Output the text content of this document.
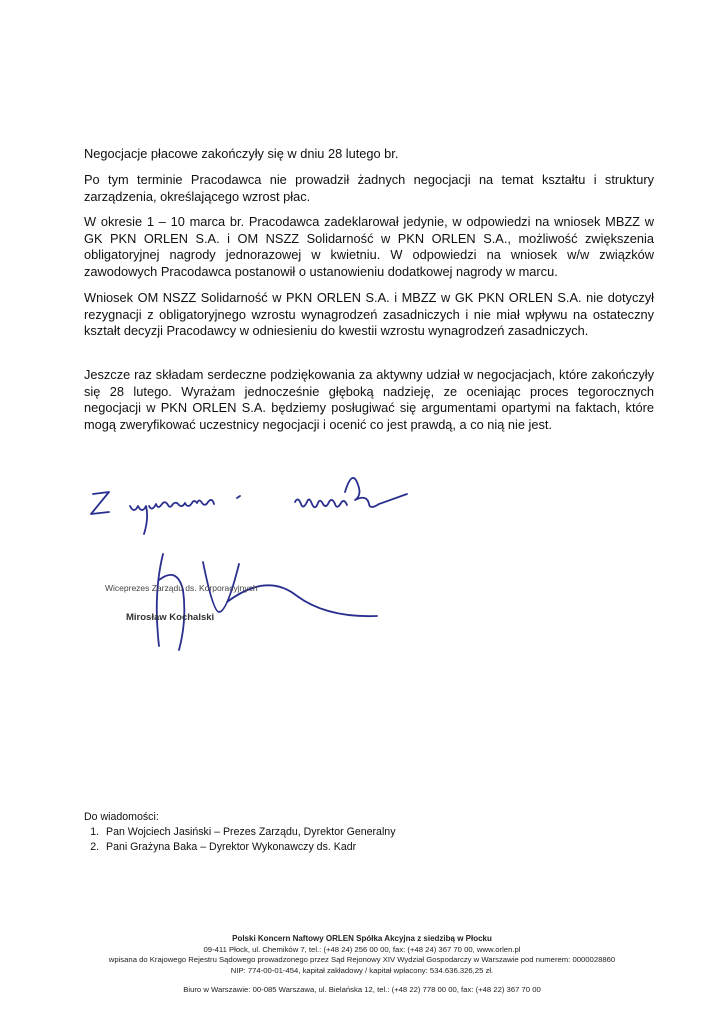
Negocjacje płacowe zakończyły się w dniu 28 lutego br.

Po tym terminie Pracodawca nie prowadził żadnych negocjacji na temat kształtu i struktury zarządzenia, określającego wzrost płac.

W okresie 1 – 10 marca br. Pracodawca zadeklarował jedynie, w odpowiedzi na wniosek MBZZ w GK PKN ORLEN S.A. i OM NSZZ Solidarność w PKN ORLEN S.A., możliwość zwiększenia obligatoryjnej nagrody jednorazowej w kwietniu. W odpowiedzi na wniosek w/w związków zawodowych Pracodawca postanowił o ustanowieniu dodatkowej nagrody w marcu.

Wniosek OM NSZZ Solidarność w PKN ORLEN S.A. i MBZZ w GK PKN ORLEN S.A. nie dotyczył rezygnacji z obligatoryjnego wzrostu wynagrodzeń zasadniczych i nie miał wpływu na ostateczny kształt decyzji Pracodawcy w odniesieniu do kwestii wzrostu wynagrodzeń zasadniczych.

Jeszcze raz składam serdeczne podziękowania za aktywny udział w negocjacjach, które zakończyły się 28 lutego. Wyrażam jednocześnie głęboką nadzieję, ze oceniając proces tegorocznych negocjacji w PKN ORLEN S.A. będziemy posługiwać się argumentami opartymi na faktach, które mogą zweryfikować uczestnicy negocjacji i ocenić co jest prawdą, a co nią nie jest.

Wiceprezes Zarządu ds. Korporacyjnych
Mirosław Kochalski
Do wiadomości:
1. Pan Wojciech Jasiński – Prezes Zarządu, Dyrektor Generalny
2. Pani Grażyna Baka – Dyrektor Wykonawczy ds. Kadr
Polski Koncern Naftowy ORLEN Spółka Akcyjna z siedzibą w Płocku
09-411 Płock, ul. Chemików 7, tel.: (+48 24) 256 00 00, fax: (+48 24) 367 70 00, www.orlen.pl
wpisana do Krajowego Rejestru Sądowego prowadzonego przez Sąd Rejonowy XIV Wydział Gospodarczy w Warszawie pod numerem: 0000028860
NIP: 774-00-01-454, kapitał zakładowy / kapitał wpłacony: 534.636.326,25 zł.
Biuro w Warszawie: 00-085 Warszawa, ul. Bielańska 12, tel.: (+48 22) 778 00 00, fax: (+48 22) 367 70 00
